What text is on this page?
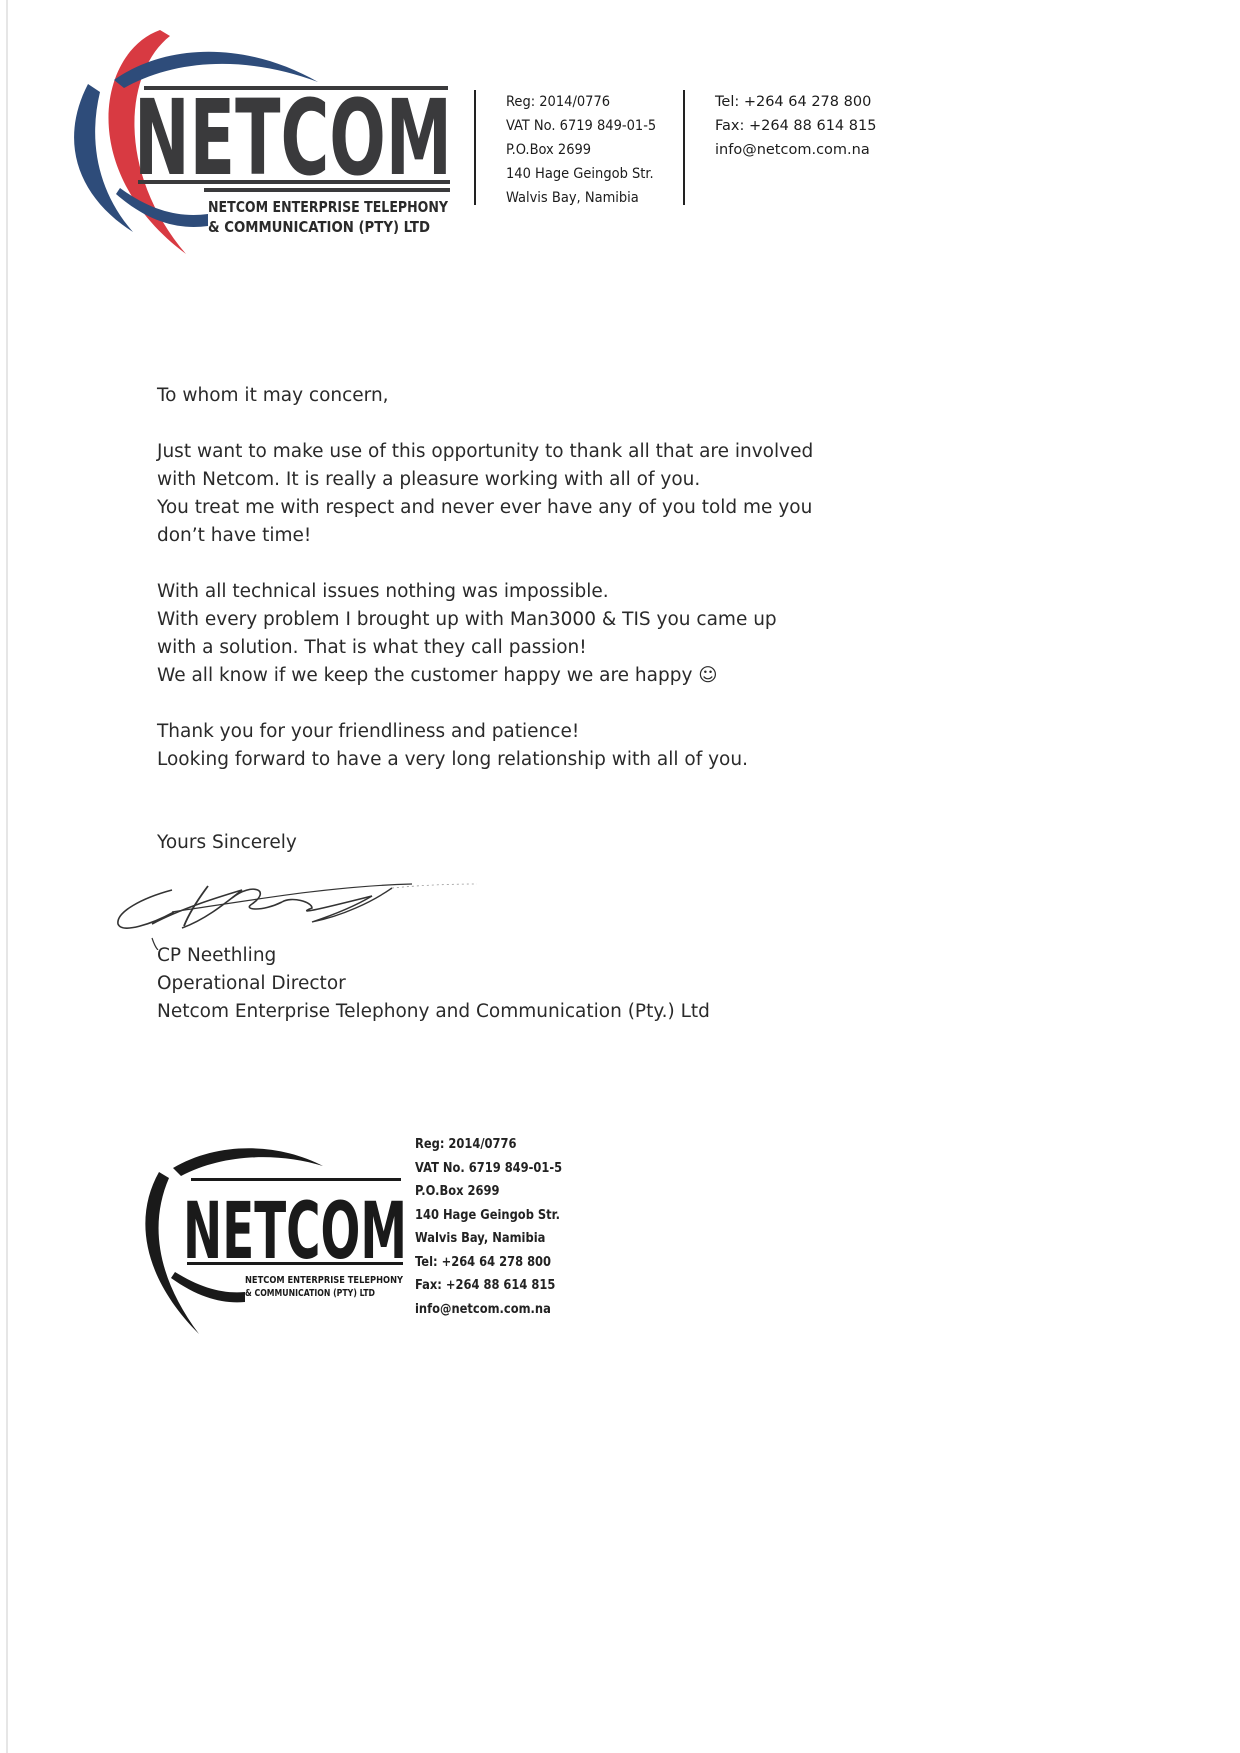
NETCOM
NETCOM ENTERPRISE TELEPHONY
& COMMUNICATION (PTY) LTD
Reg: 2014/0776
VAT No. 6719 849-01-5
P.O.Box 2699
140 Hage Geingob Str.
Walvis Bay, Namibia
Tel: +264 64 278 800
Fax: +264 88 614 815
info@netcom.com.na

To whom it may concern,

Just want to make use of this opportunity to thank all that are involved
with Netcom. It is really a pleasure working with all of you.
You treat me with respect and never ever have any of you told me you
don’t have time!

With all technical issues nothing was impossible.
With every problem I brought up with Man3000 & TIS you came up
with a solution. That is what they call passion!
We all know if we keep the customer happy we are happy ☺

Thank you for your friendliness and patience!
Looking forward to have a very long relationship with all of you.

Yours Sincerely
CP Neethling
Operational Director
Netcom Enterprise Telephony and Communication (Pty.) Ltd
NETCOM
NETCOM ENTERPRISE TELEPHONY
& COMMUNICATION (PTY) LTD
Reg: 2014/0776
VAT No. 6719 849-01-5
P.O.Box 2699
140 Hage Geingob Str.
Walvis Bay, Namibia
Tel: +264 64 278 800
Fax: +264 88 614 815
info@netcom.com.na
